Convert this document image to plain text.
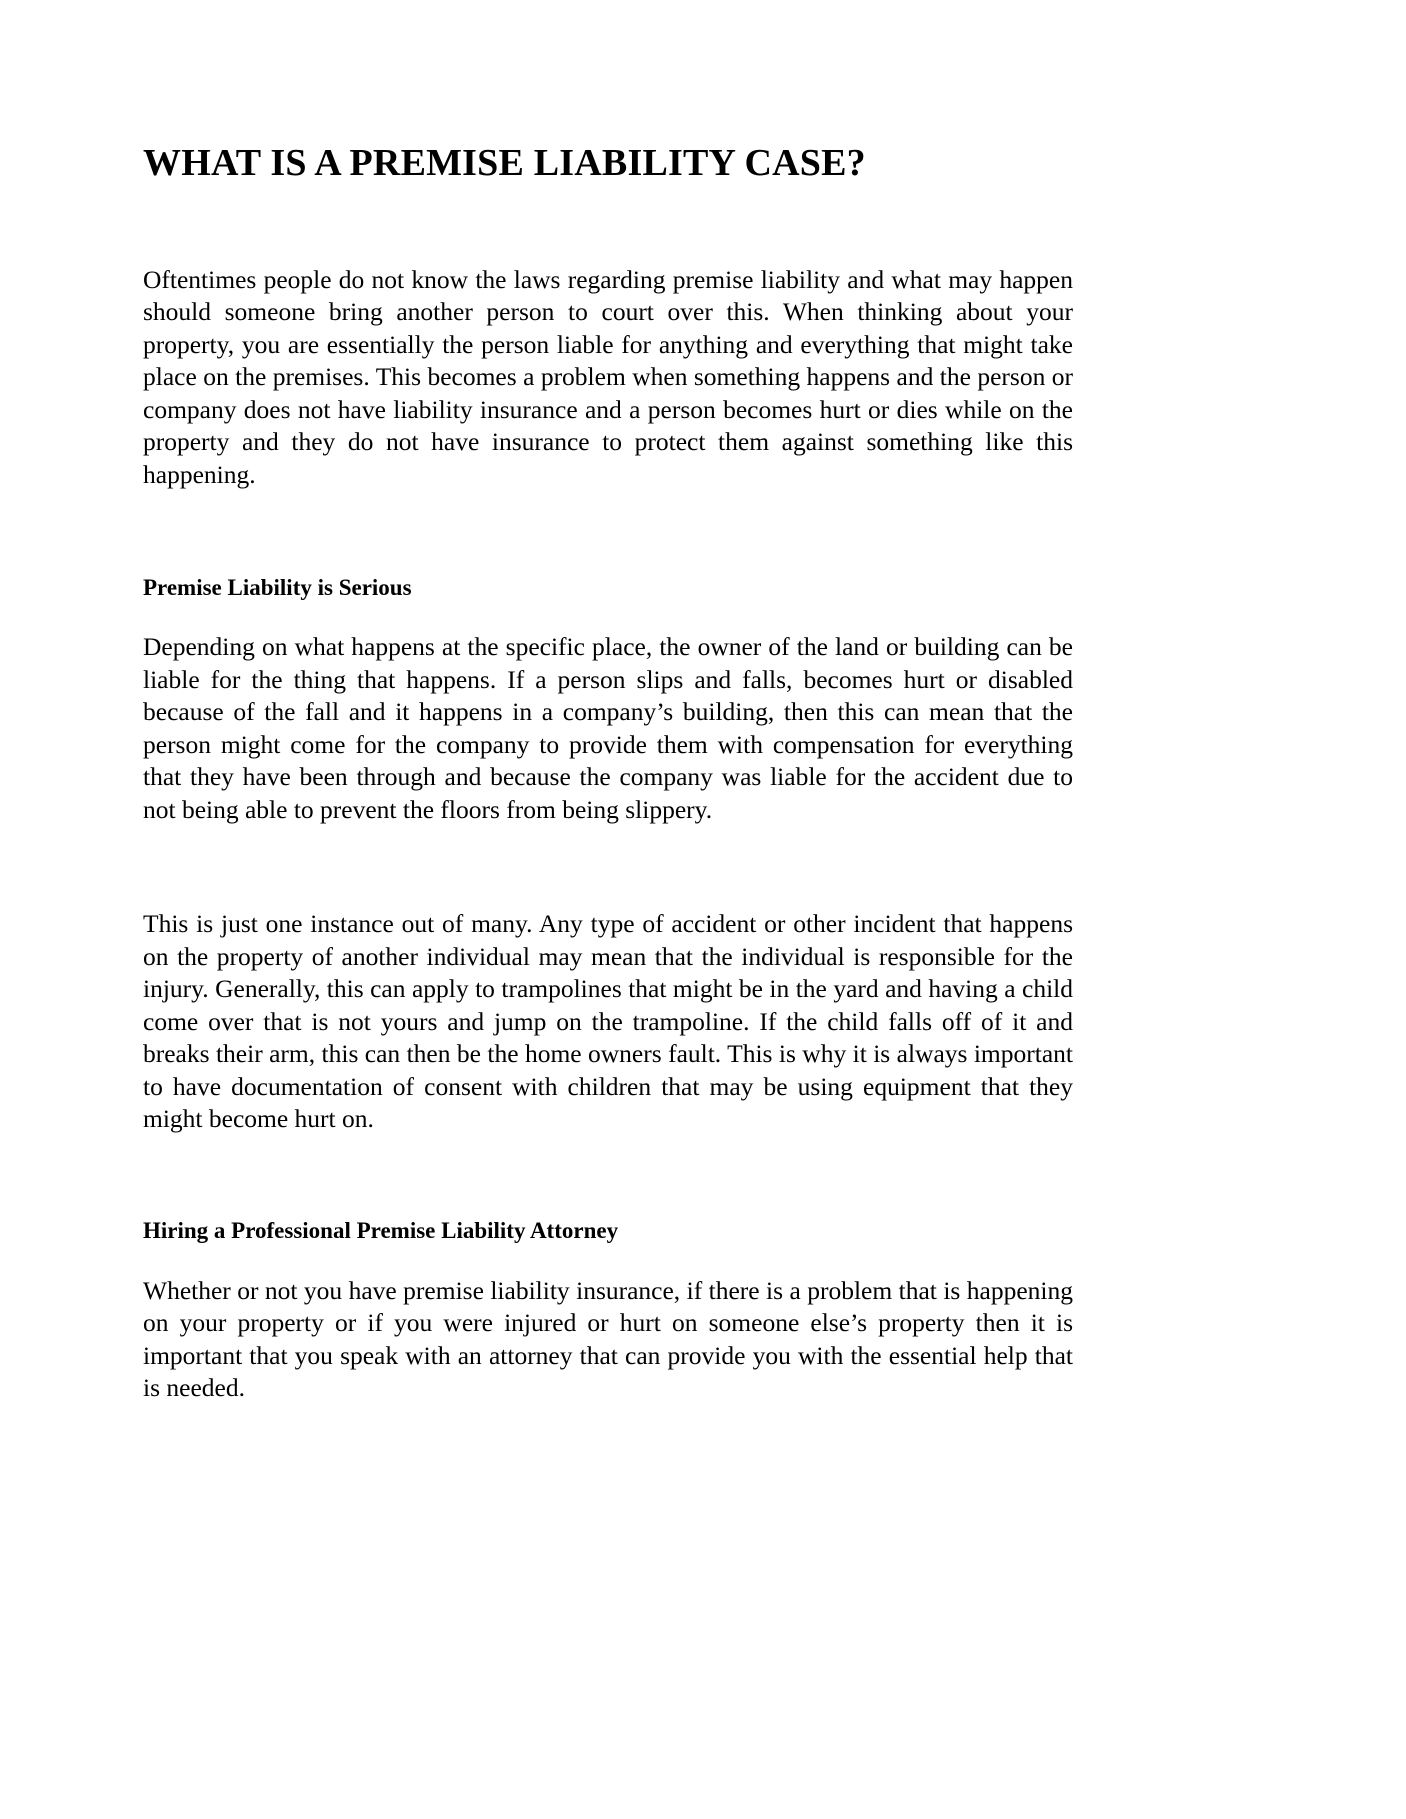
WHAT IS A PREMISE LIABILITY CASE?

Oftentimes people do not know the laws regarding premise liability and what may happen should someone bring another person to court over this. When thinking about your property, you are essentially the person liable for anything and everything that might take place on the premises. This becomes a problem when something happens and the person or company does not have liability insurance and a person becomes hurt or dies while on the property and they do not have insurance to protect them against something like this happening.

Premise Liability is Serious

Depending on what happens at the specific place, the owner of the land or building can be liable for the thing that happens. If a person slips and falls, becomes hurt or disabled because of the fall and it happens in a company’s building, then this can mean that the person might come for the company to provide them with compensation for everything that they have been through and because the company was liable for the accident due to not being able to prevent the floors from being slippery.

This is just one instance out of many. Any type of accident or other incident that happens on the property of another individual may mean that the individual is responsible for the injury. Generally, this can apply to trampolines that might be in the yard and having a child come over that is not yours and jump on the trampoline. If the child falls off of it and breaks their arm, this can then be the home owners fault. This is why it is always important to have documentation of consent with children that may be using equipment that they might become hurt on.

Hiring a Professional Premise Liability Attorney

Whether or not you have premise liability insurance, if there is a problem that is happening on your property or if you were injured or hurt on someone else’s property then it is important that you speak with an attorney that can provide you with the essential help that is needed.
